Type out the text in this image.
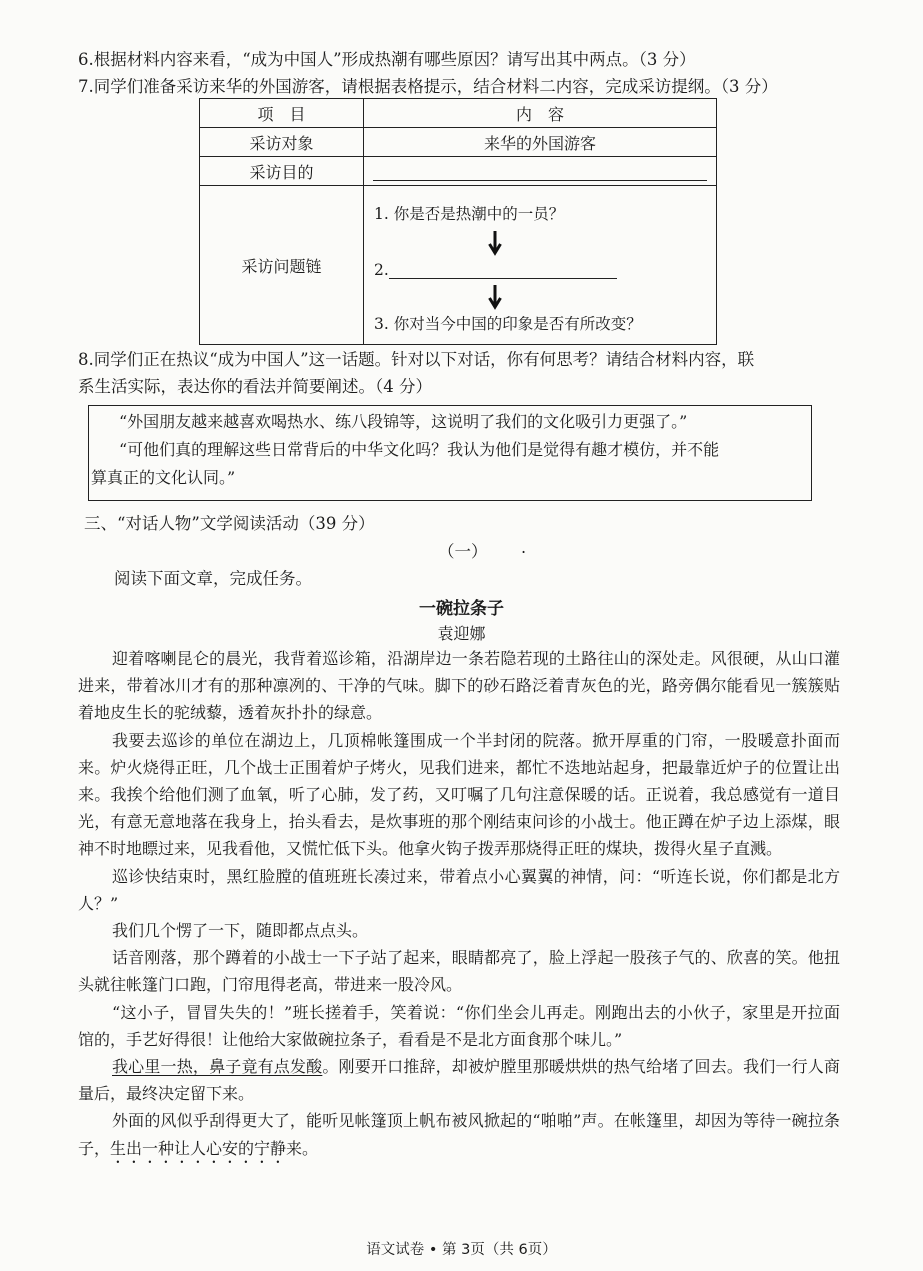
6.根据材料内容来看，“成为中国人”形成热潮有哪些原因？请写出其中两点。（3 分）
7.同学们准备采访来华的外国游客，请根据表格提示，结合材料二内容，完成采访提纲。（3 分）
项　目	内　容
采访对象	来华的外国游客
采访目的	
采访问题链	1. 你是否是热潮中的一员？
2.
3. 你对当今中国的印象是否有所改变？
8.同学们正在热议“成为中国人”这一话题。针对以下对话，你有何思考？请结合材料内容，联
系生活实际，表达你的看法并简要阐述。（4 分）

“外国朋友越来越喜欢喝热水、练八段锦等，这说明了我们的文化吸引力更强了。”

“可他们真的理解这些日常背后的中华文化吗？我认为他们是觉得有趣才模仿，并不能

算真正的文化认同。”

三、“对话人物”文学阅读活动（39 分）
（一） .
阅读下面文章，完成任务。
一碗拉条子
袁迎娜

迎着喀喇昆仑的晨光，我背着巡诊箱，沿湖岸边一条若隐若现的土路往山的深处走。风很硬，从山口灌进来，带着冰川才有的那种凛冽的、干净的气味。脚下的砂石路泛着青灰色的光，路旁偶尔能看见一簇簇贴着地皮生长的驼绒藜，透着灰扑扑的绿意。

我要去巡诊的单位在湖边上，几顶棉帐篷围成一个半封闭的院落。掀开厚重的门帘，一股暖意扑面而来。炉火烧得正旺，几个战士正围着炉子烤火，见我们进来，都忙不迭地站起身，把最靠近炉子的位置让出来。我挨个给他们测了血氧，听了心肺，发了药，又叮嘱了几句注意保暖的话。正说着，我总感觉有一道目光，有意无意地落在我身上，抬头看去，是炊事班的那个刚结束问诊的小战士。他正蹲在炉子边上添煤，眼神不时地瞟过来，见我看他，又慌忙低下头。他拿火钩子拨弄那烧得正旺的煤块，拨得火星子直溅。

巡诊快结束时，黑红脸膛的值班班长凑过来，带着点小心翼翼的神情，问：“听连长说，你们都是北方人？”

我们几个愣了一下，随即都点点头。

话音刚落，那个蹲着的小战士一下子站了起来，眼睛都亮了，脸上浮起一股孩子气的、欣喜的笑。他扭头就往帐篷门口跑，门帘甩得老高，带进来一股冷风。

“这小子，冒冒失失的！”班长搓着手，笑着说：“你们坐会儿再走。刚跑出去的小伙子，家里是开拉面馆的，手艺好得很！让他给大家做碗拉条子，看看是不是北方面食那个味儿。”

我心里一热，鼻子竟有点发酸。刚要开口推辞，却被炉膛里那暖烘烘的热气给堵了回去。我们一行人商量后，最终决定留下来。

外面的风似乎刮得更大了，能听见帐篷顶上帆布被风掀起的“啪啪”声。在帐篷里，却因为等待一碗拉条子，生出一种让人心安的宁静来。

语文试卷 • 第 3页（共 6页）
